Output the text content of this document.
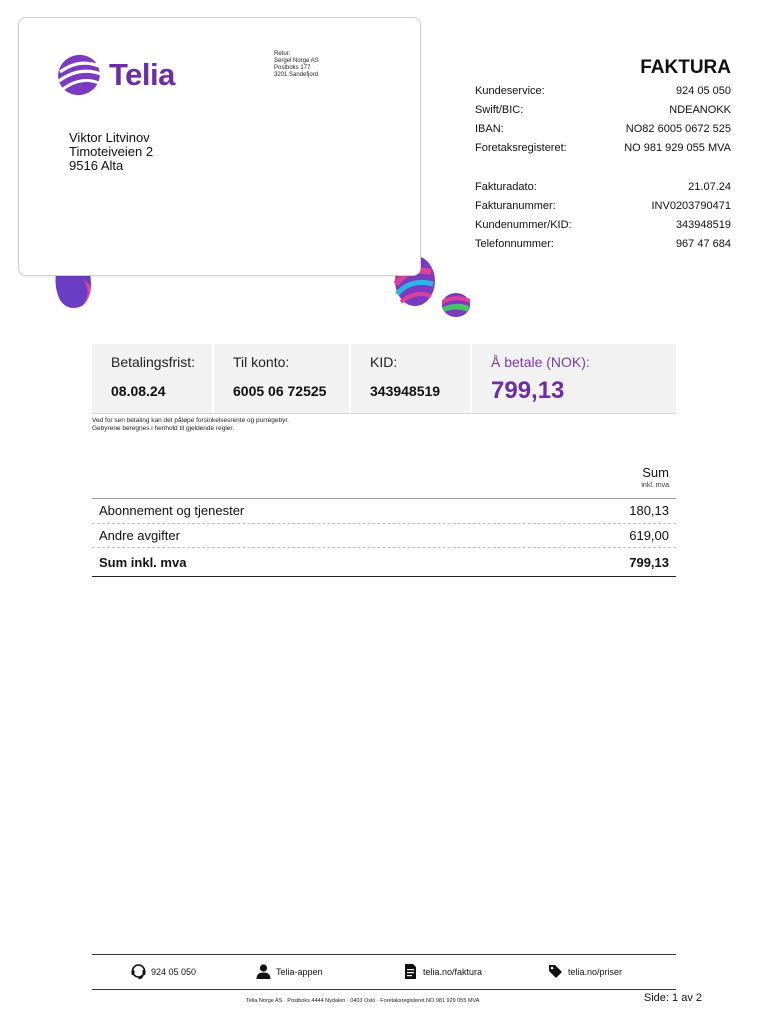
Telia
Retur:
Sergel Norge AS
Postboks 177
3201 Sandefjord
Viktor Litvinov
Timoteiveien 2
9516 Alta
FAKTURA
Kundeservice:	924 05 050
Swift/BIC:	NDEANOKK
IBAN:	NO82 6005 0672 525
Foretaksregisteret:	NO 981 929 055 MVA
Fakturadato:	21.07.24
Fakturanummer:	INV0203790471
Kundenummer/KID:	343948519
Telefonnummer:	967 47 684
Betalingsfrist:
08.08.24
Til konto:
6005 06 72525
KID:
343948519
Å betale (NOK):
799,13
Ved for sen betaling kan det påløpe forsinkelsesrente og purregebyr.
Gebyrene beregnes i henhold til gjeldende regler.
Sum
inkl. mva
Abonnement og tjenester	180,13
Andre avgifter	619,00
Sum inkl. mva	799,13
924 05 050	Telia-appen	telia.no/faktura	telia.no/priser
Telia Norge AS · Postboks 4444 Nydalen · 0403 Oslo · Foretaksregisteret NO 981 929 055 MVA	Side: 1 av 2
